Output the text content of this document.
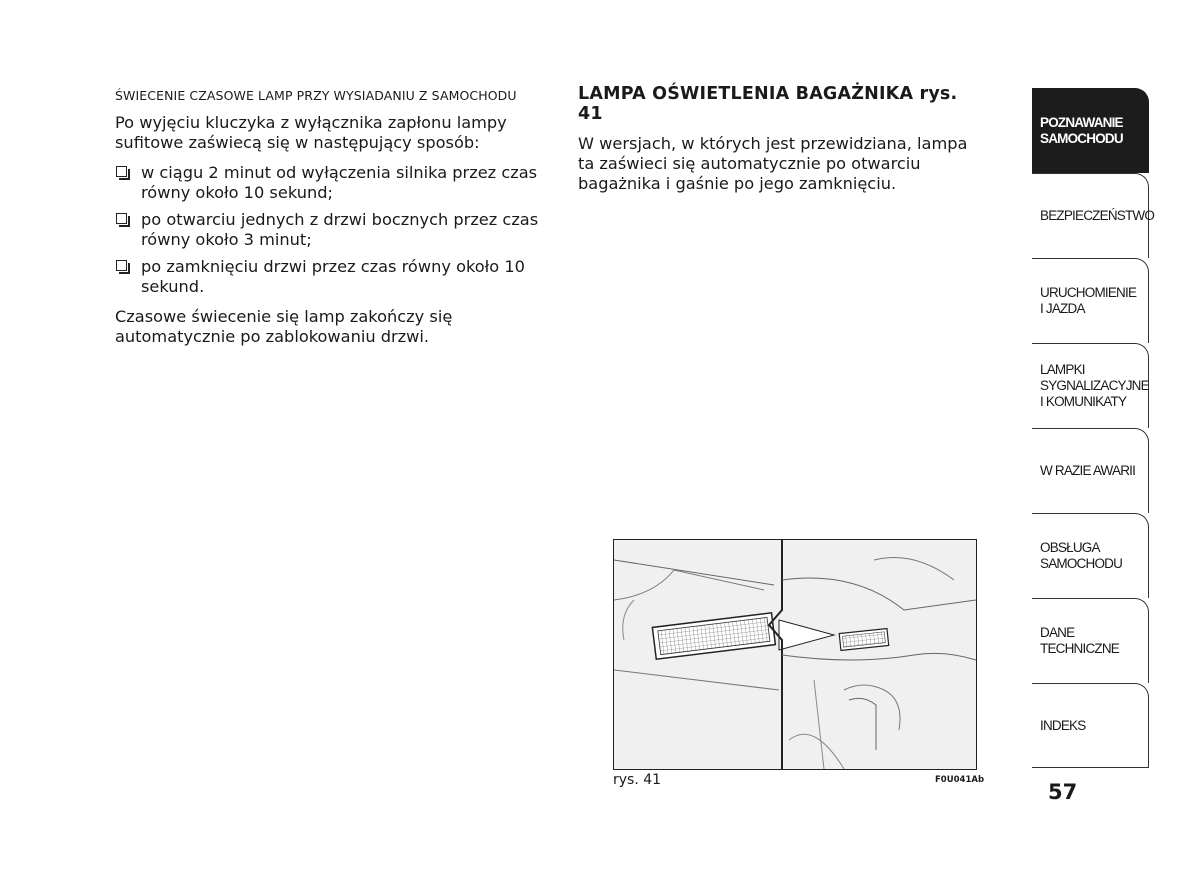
ŚWIECENIE CZASOWE LAMP PRZY WYSIADANIU Z SAMOCHODU

Po wyjęciu kluczyka z wyłącznika zapłonu lampy sufitowe zaświecą się w następujący sposób:

w ciągu 2 minut od wyłączenia silnika przez czas równy około 10 sekund;
po otwarciu jednych z drzwi bocznych przez czas równy około 3 minut;
po zamknięciu drzwi przez czas równy około 10 sekund.

Czasowe świecenie się lamp zakończy się automatycznie po zablokowaniu drzwi.

LAMPA OŚWIETLENIA BAGAŻNIKA rys. 41

W wersjach, w których jest przewidziana, lampa ta zaświeci się automatycznie po otwarciu bagażnika i gaśnie po jego zamknięciu.

rys. 41	F0U041Ab
POZNAWANIE
SAMOCHODU
BEZPIECZEŃSTWO
URUCHOMIENIE
I JAZDA
LAMPKI
SYGNALIZACYJNE
I KOMUNIKATY
W RAZIE AWARII
OBSŁUGA
SAMOCHODU
DANE
TECHNICZNE
INDEKS
57
